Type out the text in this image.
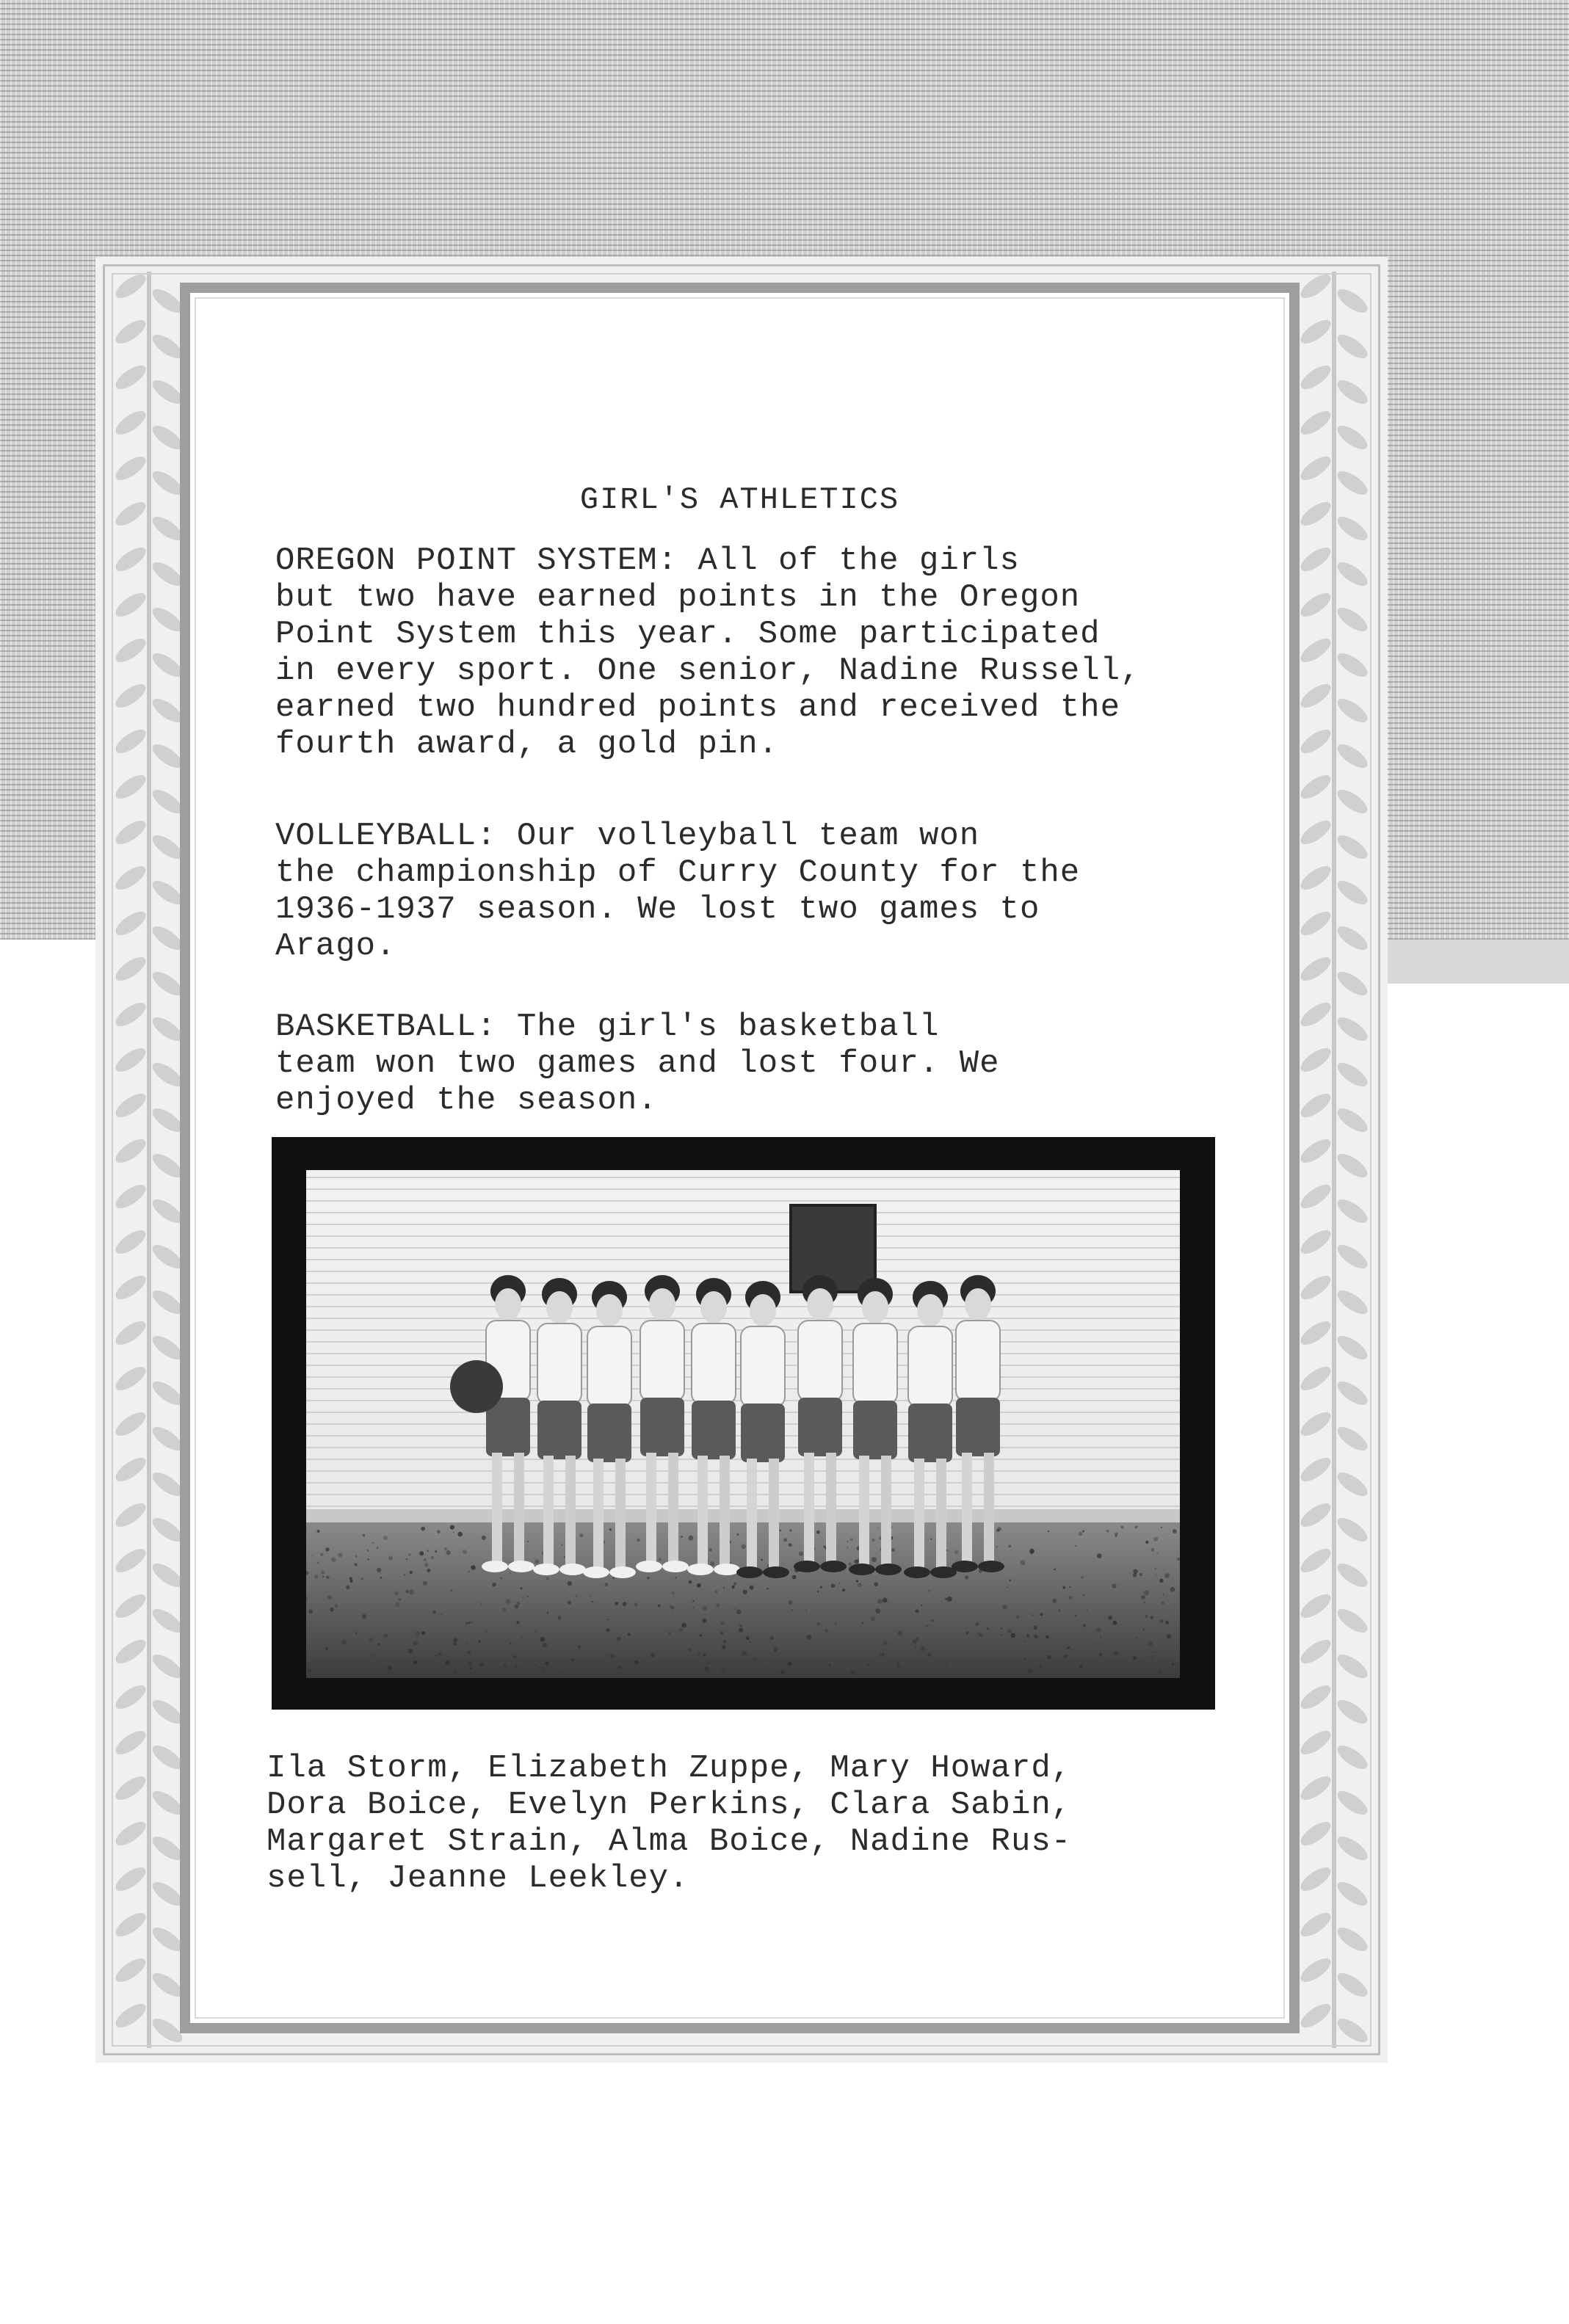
GIRL'S ATHLETICS

OREGON POINT SYSTEM: All of the girls
but two have earned points in the Oregon
Point System this year. Some participated
in every sport. One senior, Nadine Russell,
earned two hundred points and received the
fourth award, a gold pin.

VOLLEYBALL: Our volleyball team won
the championship of Curry County for the
1936-1937 season. We lost two games to
Arago.

BASKETBALL: The girl's basketball
team won two games and lost four. We
enjoyed the season.

Ila Storm, Elizabeth Zuppe, Mary Howard,
Dora Boice, Evelyn Perkins, Clara Sabin,
Margaret Strain, Alma Boice, Nadine Rus-
sell, Jeanne Leekley.
